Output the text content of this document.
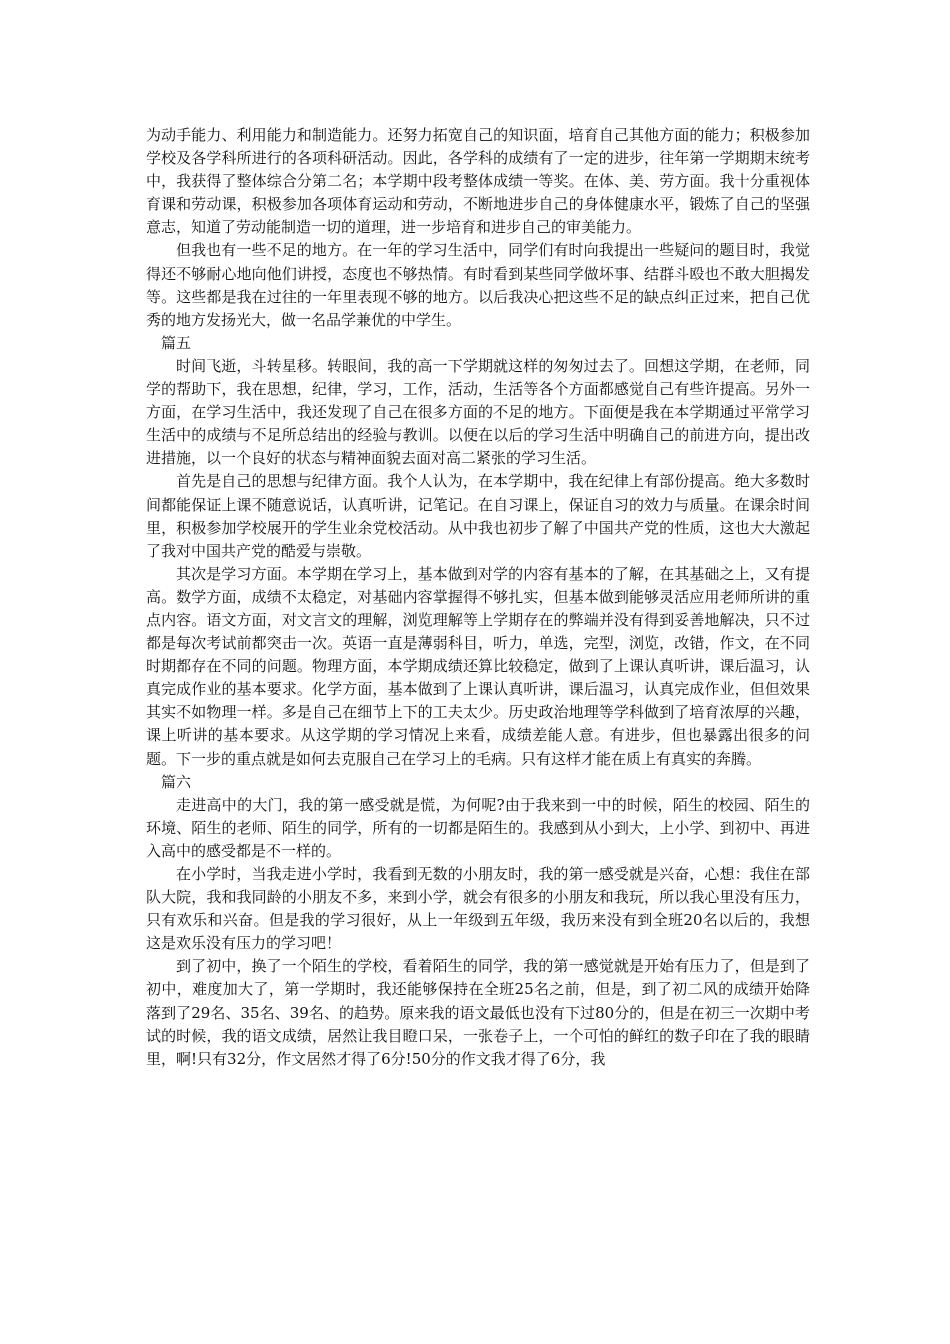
为动手能力、利用能力和制造能力。还努力拓宽自己的知识面，培育自己其他方面的能力；积极参加学校及各学科所进行的各项科研活动。因此，各学科的成绩有了一定的进步，往年第一学期期末统考中，我获得了整体综合分第二名；本学期中段考整体成绩一等奖。在体、美、劳方面。我十分重视体育课和劳动课，积极参加各项体育运动和劳动，不断地进步自己的身体健康水平，锻炼了自己的坚强意志，知道了劳动能制造一切的道理，进一步培育和进步自己的审美能力。

但我也有一些不足的地方。在一年的学习生活中，同学们有时向我提出一些疑问的题目时，我觉得还不够耐心地向他们讲授，态度也不够热情。有时看到某些同学做坏事、结群斗殴也不敢大胆揭发等。这些都是我在过往的一年里表现不够的地方。以后我决心把这些不足的缺点纠正过来，把自己优秀的地方发扬光大，做一名品学兼优的中学生。

篇五

时间飞逝，斗转星移。转眼间，我的高一下学期就这样的匆匆过去了。回想这学期，在老师，同学的帮助下，我在思想，纪律，学习，工作，活动，生活等各个方面都感觉自己有些许提高。另外一方面，在学习生活中，我还发现了自己在很多方面的不足的地方。下面便是我在本学期通过平常学习生活中的成绩与不足所总结出的经验与教训。以便在以后的学习生活中明确自己的前进方向，提出改进措施，以一个良好的状态与精神面貌去面对高二紧张的学习生活。

首先是自己的思想与纪律方面。我个人认为，在本学期中，我在纪律上有部份提高。绝大多数时间都能保证上课不随意说话，认真听讲，记笔记。在自习课上，保证自习的效力与质量。在课余时间里，积极参加学校展开的学生业余党校活动。从中我也初步了解了中国共产党的性质，这也大大激起了我对中国共产党的酷爱与崇敬。

其次是学习方面。本学期在学习上，基本做到对学的内容有基本的了解，在其基础之上，又有提高。数学方面，成绩不太稳定，对基础内容掌握得不够扎实，但基本做到能够灵活应用老师所讲的重点内容。语文方面，对文言文的理解，浏览理解等上学期存在的弊端并没有得到妥善地解决，只不过都是每次考试前都突击一次。英语一直是薄弱科目，听力，单选，完型，浏览，改错，作文，在不同时期都存在不同的问题。物理方面，本学期成绩还算比较稳定，做到了上课认真听讲，课后温习，认真完成作业的基本要求。化学方面，基本做到了上课认真听讲，课后温习，认真完成作业，但但效果其实不如物理一样。多是自己在细节上下的工夫太少。历史政治地理等学科做到了培育浓厚的兴趣，课上听讲的基本要求。从这学期的学习情况上来看，成绩差能人意。有进步，但也暴露出很多的问题。下一步的重点就是如何去克服自己在学习上的毛病。只有这样才能在质上有真实的奔腾。

篇六

走进高中的大门，我的第一感受就是慌，为何呢?由于我来到一中的时候，陌生的校园、陌生的环境、陌生的老师、陌生的同学，所有的一切都是陌生的。我感到从小到大，上小学、到初中、再进入高中的感受都是不一样的。

在小学时，当我走进小学时，我看到无数的小朋友时，我的第一感受就是兴奋，心想：我住在部队大院，我和我同龄的小朋友不多，来到小学，就会有很多的小朋友和我玩，所以我心里没有压力，只有欢乐和兴奋。但是我的学习很好，从上一年级到五年级，我历来没有到全班20名以后的，我想这是欢乐没有压力的学习吧！

到了初中，换了一个陌生的学校，看着陌生的同学，我的第一感觉就是开始有压力了，但是到了初中，难度加大了，第一学期时，我还能够保持在全班25名之前，但是，到了初二风的成绩开始降落到了29名、35名、39名、的趋势。原来我的语文最低也没有下过80分的，但是在初三一次期中考试的时候，我的语文成绩，居然让我目瞪口呆，一张卷子上，一个可怕的鲜红的数子印在了我的眼睛里，啊!只有32分，作文居然才得了6分!50分的作文我才得了6分，我
